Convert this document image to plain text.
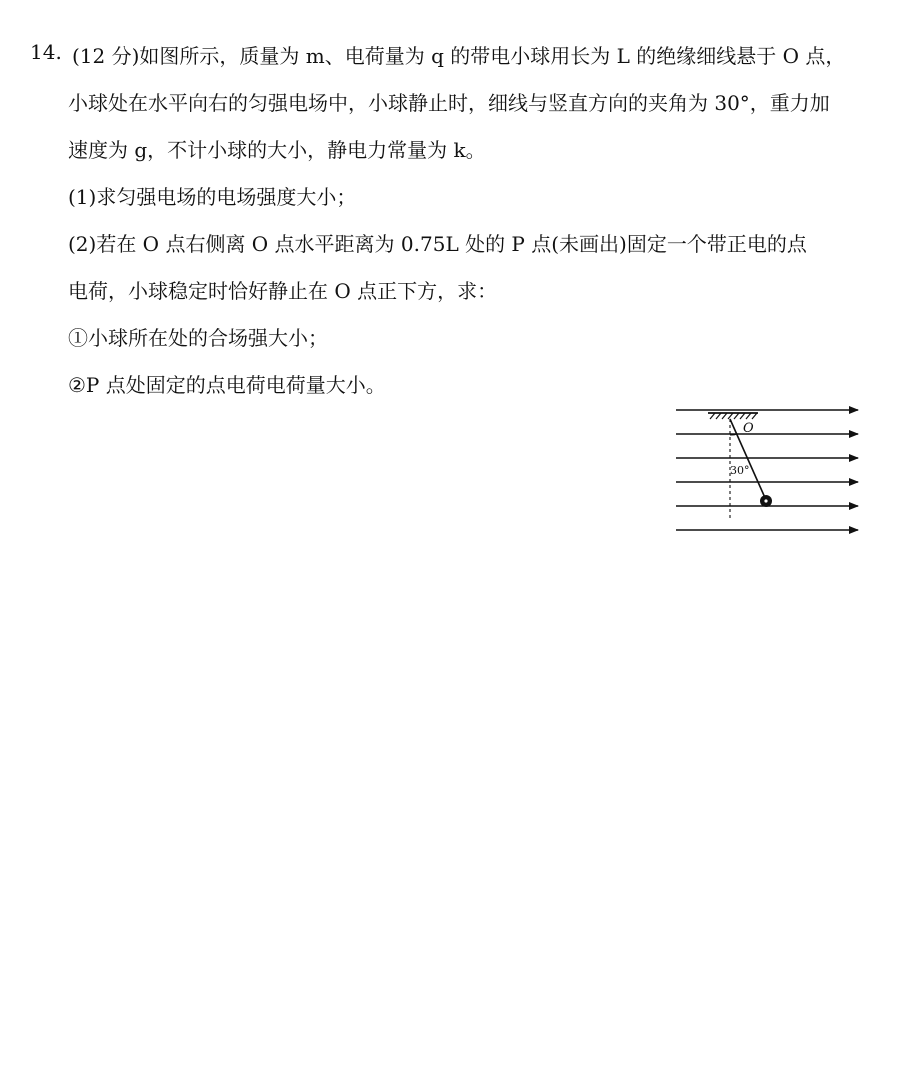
14. (12 分)如图所示，质量为 m、电荷量为 q 的带电小球用长为 L 的绝缘细线悬于 O 点，
小球处在水平向右的匀强电场中，小球静止时，细线与竖直方向的夹角为 30°，重力加
速度为 g，不计小球的大小，静电力常量为 k。
(1)求匀强电场的电场强度大小；
(2)若在 O 点右侧离 O 点水平距离为 0.75L 处的 P 点(未画出)固定一个带正电的点
电荷，小球稳定时恰好静止在 O 点正下方，求：
①小球所在处的合场强大小；
②P 点处固定的点电荷电荷量大小。
O
30°
